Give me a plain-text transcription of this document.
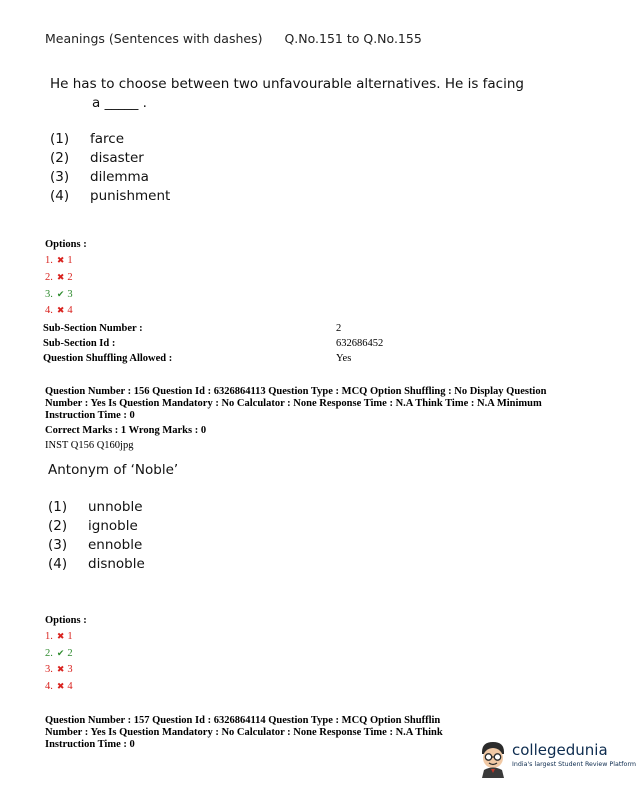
Meanings (Sentences with dashes) Q.No.151 to Q.No.155
He has to choose between two unfavourable alternatives. He is facing
a _____ .
(1) farce
(2) disaster
(3) dilemma
(4) punishment
Options :
1. ✖ 1
2. ✖ 2
3. ✔ 3
4. ✖ 4
Sub-Section Number :	2
Sub-Section Id :	632686452
Question Shuffling Allowed :	Yes
Question Number : 156 Question Id : 6326864113 Question Type : MCQ Option Shuffling : No Display Question
Number : Yes Is Question Mandatory : No Calculator : None Response Time : N.A Think Time : N.A Minimum
Instruction Time : 0
Correct Marks : 1 Wrong Marks : 0
INST Q156 Q160jpg
Antonym of ‘Noble’
(1) unnoble
(2) ignoble
(3) ennoble
(4) disnoble
Options :
1. ✖ 1
2. ✔ 2
3. ✖ 3
4. ✖ 4
Question Number : 157 Question Id : 6326864114 Question Type : MCQ Option Shufflin
Number : Yes Is Question Mandatory : No Calculator : None Response Time : N.A Think
Instruction Time : 0	collegedunia
India's largest Student Review Platform
